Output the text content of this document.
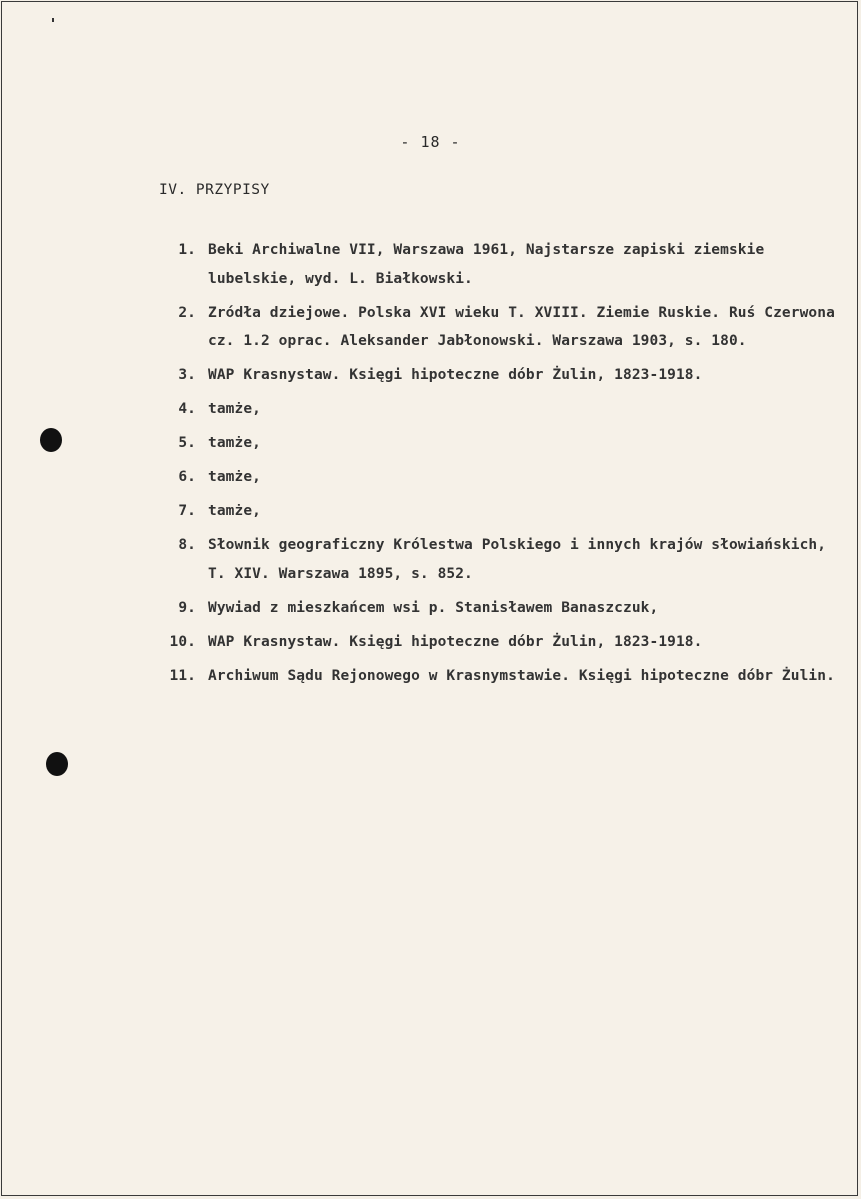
- 18 -
IV. PRZYPISY
1. Beki Archiwalne VII, Warszawa 1961, Najstarsze zapiski ziemskie lubelskie, wyd. L. Białkowski.
2. Zródła dziejowe. Polska XVI wieku T. XVIII. Ziemie Ruskie. Ruś Czerwona cz. 1.2 oprac. Aleksander Jabłonowski. Warszawa 1903, s. 180.
3. WAP Krasnystaw. Księgi hipoteczne dóbr Żulin, 1823-1918.
4. tamże,
5. tamże,
6. tamże,
7. tamże,
8. Słownik geograficzny Królestwa Polskiego i innych krajów słowiańskich, T. XIV. Warszawa 1895, s. 852.
9. Wywiad z mieszkańcem wsi p. Stanisławem Banaszczuk,
10. WAP Krasnystaw. Księgi hipoteczne dóbr Żulin, 1823-1918.
11. Archiwum Sądu Rejonowego w Krasnymstawie. Księgi hipoteczne dóbr Żulin.
